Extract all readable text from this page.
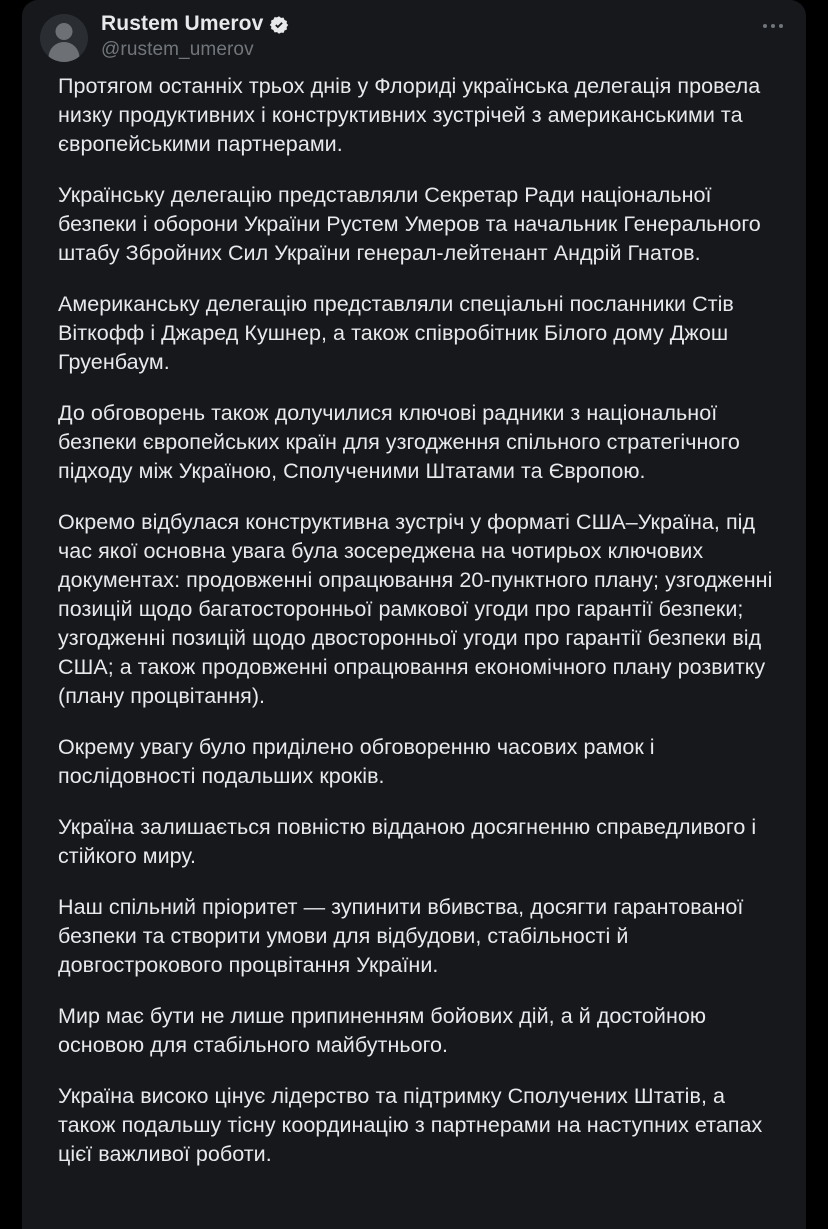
Rustem Umerov
@rustem_umerov

Протягом останніх трьох днів у Флориді українська делегація провела низку продуктивних і конструктивних зустрічей з американськими та європейськими партнерами.

Українську делегацію представляли Секретар Ради національної безпеки і оборони України Рустем Умеров та начальник Генерального штабу Збройних Сил України генерал-лейтенант Андрій Гнатов.

Американську делегацію представляли спеціальні посланники Стів Віткофф і Джаред Кушнер, а також співробітник Білого дому Джош Груенбаум.

До обговорень також долучилися ключові радники з національної безпеки європейських країн для узгодження спільного стратегічного підходу між Україною, Сполученими Штатами та Європою.

Окремо відбулася конструктивна зустріч у форматі США–Україна, під час якої основна увага була зосереджена на чотирьох ключових документах: продовженні опрацювання 20-пунктного плану; узгодженні позицій щодо багатосторонньої рамкової угоди про гарантії безпеки; узгодженні позицій щодо двосторонньої угоди про гарантії безпеки від США; а також продовженні опрацювання економічного плану розвитку (плану процвітання).

Окрему увагу було приділено обговоренню часових рамок і послідовності подальших кроків.

Україна залишається повністю відданою досягненню справедливого і стійкого миру.

Наш спільний пріоритет — зупинити вбивства, досягти гарантованої безпеки та створити умови для відбудови, стабільності й довгострокового процвітання України.

Мир має бути не лише припиненням бойових дій, а й достойною основою для стабільного майбутнього.

Україна високо цінує лідерство та підтримку Сполучених Штатів, а також подальшу тісну координацію з партнерами на наступних етапах цієї важливої роботи.
